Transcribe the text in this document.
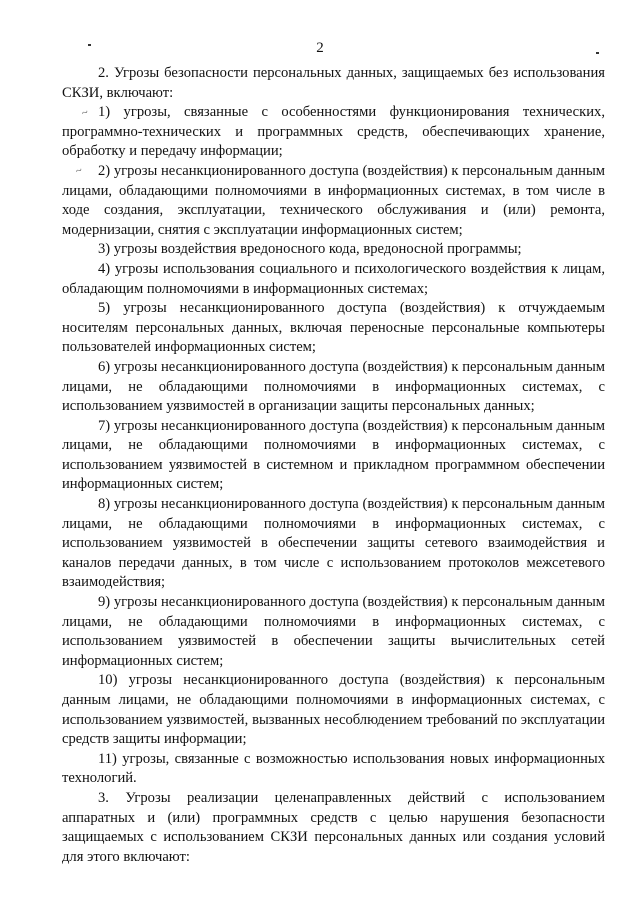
2
~
~

2. Угрозы безопасности персональных данных, защищаемых без использования СКЗИ, включают:

1) угрозы, связанные с особенностями функционирования технических, программно-технических и программных средств, обеспечивающих хранение, обработку и передачу информации;

2) угрозы несанкционированного доступа (воздействия) к персональным данным лицами, обладающими полномочиями в информационных системах, в том числе в ходе создания, эксплуатации, технического обслуживания и (или) ремонта, модернизации, снятия с эксплуатации информационных систем;

3) угрозы воздействия вредоносного кода, вредоносной программы;

4) угрозы использования социального и психологического воздействия к лицам, обладающим полномочиями в информационных системах;

5) угрозы несанкционированного доступа (воздействия) к отчуждаемым носителям персональных данных, включая переносные персональные компьютеры пользователей информационных систем;

6) угрозы несанкционированного доступа (воздействия) к персональным данным лицами, не обладающими полномочиями в информационных системах, с использованием уязвимостей в организации защиты персональных данных;

7) угрозы несанкционированного доступа (воздействия) к персональным данным лицами, не обладающими полномочиями в информационных системах, с использованием уязвимостей в системном и прикладном программном обеспечении информационных систем;

8) угрозы несанкционированного доступа (воздействия) к персональным данным лицами, не обладающими полномочиями в информационных системах, с использованием уязвимостей в обеспечении защиты сетевого взаимодействия и каналов передачи данных, в том числе с использованием протоколов межсетевого взаимодействия;

9) угрозы несанкционированного доступа (воздействия) к персональным данным лицами, не обладающими полномочиями в информационных системах, с использованием уязвимостей в обеспечении защиты вычислительных сетей информационных систем;

10) угрозы несанкционированного доступа (воздействия) к персональным данным лицами, не обладающими полномочиями в информационных системах, с использованием уязвимостей, вызванных несоблюдением требований по эксплуатации средств защиты информации;

11) угрозы, связанные с возможностью использования новых информационных технологий.

3. Угрозы реализации целенаправленных действий с использованием аппаратных и (или) программных средств с целью нарушения безопасности защищаемых с использованием СКЗИ персональных данных или создания условий для этого включают:
